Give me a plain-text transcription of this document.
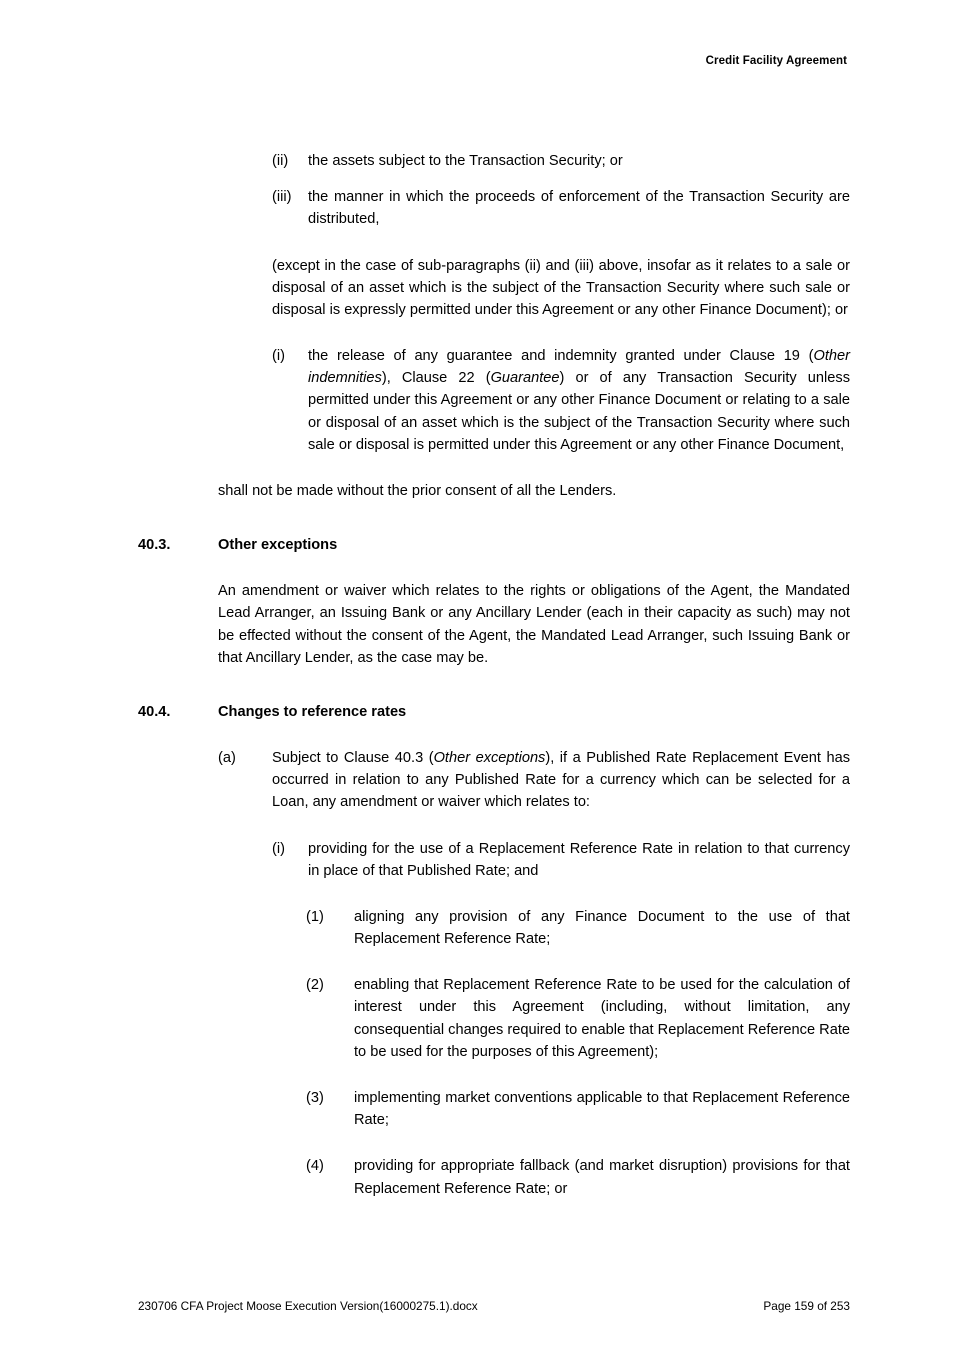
Credit Facility Agreement
(ii)	the assets subject to the Transaction Security; or
(iii)	the manner in which the proceeds of enforcement of the Transaction Security are distributed,

(except in the case of sub-paragraphs (ii) and (iii) above, insofar as it relates to a sale or disposal of an asset which is the subject of the Transaction Security where such sale or disposal is expressly permitted under this Agreement or any other Finance Document); or

(i)	the release of any guarantee and indemnity granted under Clause 19 (Other indemnities), Clause 22 (Guarantee) or of any Transaction Security unless permitted under this Agreement or any other Finance Document or relating to a sale or disposal of an asset which is the subject of the Transaction Security where such sale or disposal is permitted under this Agreement or any other Finance Document,

shall not be made without the prior consent of all the Lenders.

40.3.	Other exceptions

An amendment or waiver which relates to the rights or obligations of the Agent, the Mandated Lead Arranger, an Issuing Bank or any Ancillary Lender (each in their capacity as such) may not be effected without the consent of the Agent, the Mandated Lead Arranger, such Issuing Bank or that Ancillary Lender, as the case may be.

40.4.	Changes to reference rates
(a)	Subject to Clause 40.3 (Other exceptions), if a Published Rate Replacement Event has occurred in relation to any Published Rate for a currency which can be selected for a Loan, any amendment or waiver which relates to:
(i)	providing for the use of a Replacement Reference Rate in relation to that currency in place of that Published Rate; and
(1)	aligning any provision of any Finance Document to the use of that Replacement Reference Rate;
(2)	enabling that Replacement Reference Rate to be used for the calculation of interest under this Agreement (including, without limitation, any consequential changes required to enable that Replacement Reference Rate to be used for the purposes of this Agreement);
(3)	implementing market conventions applicable to that Replacement Reference Rate;
(4)	providing for appropriate fallback (and market disruption) provisions for that Replacement Reference Rate; or
230706 CFA Project Moose Execution Version(16000275.1).docx	Page 159 of 253
